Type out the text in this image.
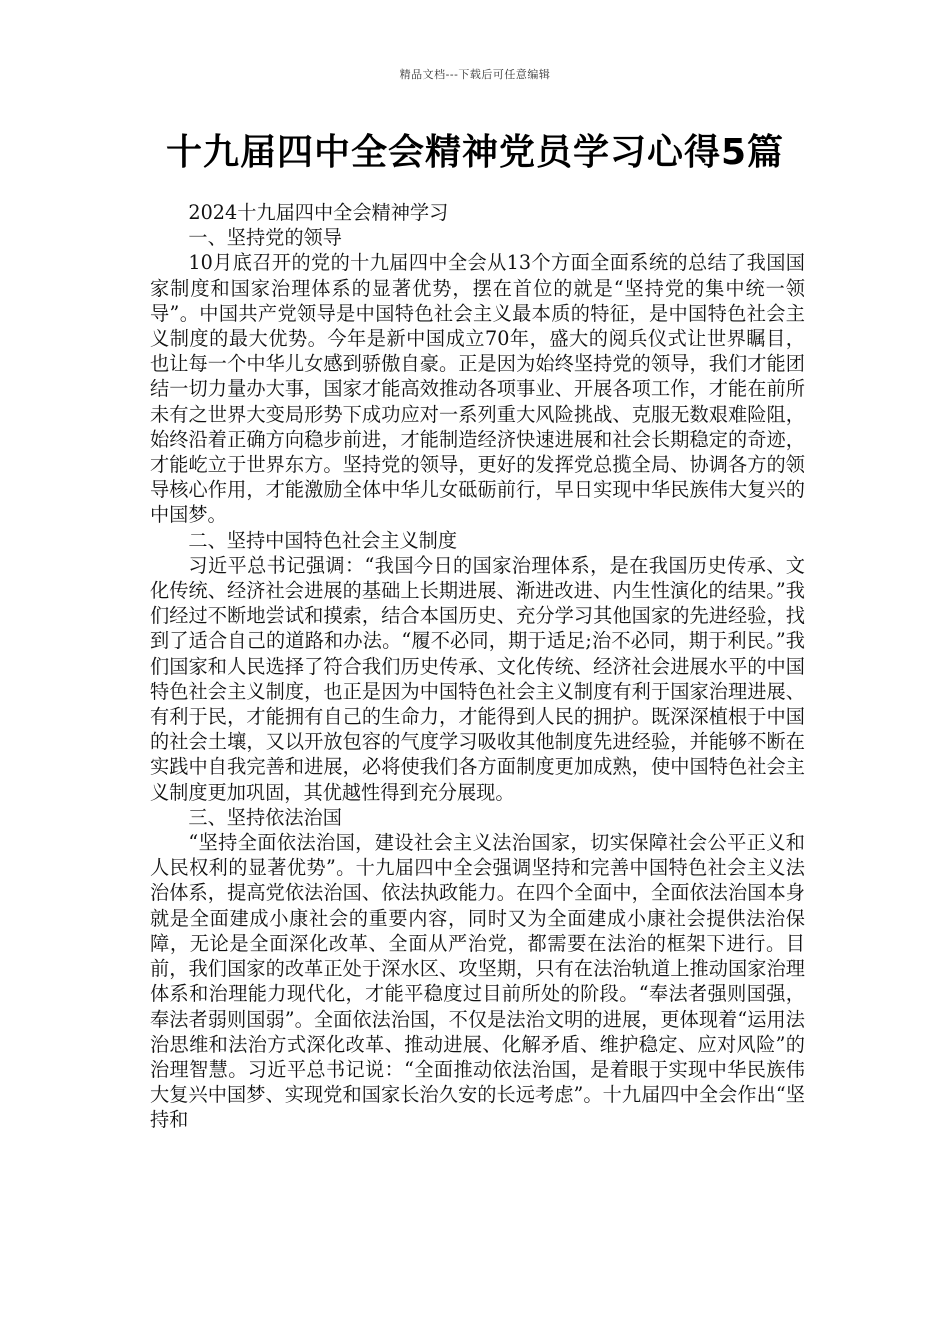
精品文档---下载后可任意编辑
十九届四中全会精神党员学习心得5篇

2024十九届四中全会精神学习

一、坚持党的领导

10月底召开的党的十九届四中全会从13个方面全面系统的总结了我国国家制度和国家治理体系的显著优势，摆在首位的就是“坚持党的集中统一领导”。中国共产党领导是中国特色社会主义最本质的特征，是中国特色社会主义制度的最大优势。今年是新中国成立70年，盛大的阅兵仪式让世界瞩目，也让每一个中华儿女感到骄傲自豪。正是因为始终坚持党的领导，我们才能团结一切力量办大事，国家才能高效推动各项事业、开展各项工作，才能在前所未有之世界大变局形势下成功应对一系列重大风险挑战、克服无数艰难险阻，始终沿着正确方向稳步前进，才能制造经济快速进展和社会长期稳定的奇迹，才能屹立于世界东方。坚持党的领导，更好的发挥党总揽全局、协调各方的领导核心作用，才能激励全体中华儿女砥砺前行，早日实现中华民族伟大复兴的中国梦。

二、坚持中国特色社会主义制度

习近平总书记强调：“我国今日的国家治理体系，是在我国历史传承、文化传统、经济社会进展的基础上长期进展、渐进改进、内生性演化的结果。”我们经过不断地尝试和摸索，结合本国历史、充分学习其他国家的先进经验，找到了适合自己的道路和办法。“履不必同，期于适足;治不必同，期于利民。”我们国家和人民选择了符合我们历史传承、文化传统、经济社会进展水平的中国特色社会主义制度，也正是因为中国特色社会主义制度有利于国家治理进展、有利于民，才能拥有自己的生命力，才能得到人民的拥护。既深深植根于中国的社会土壤，又以开放包容的气度学习吸收其他制度先进经验，并能够不断在实践中自我完善和进展，必将使我们各方面制度更加成熟，使中国特色社会主义制度更加巩固，其优越性得到充分展现。

三、坚持依法治国

“坚持全面依法治国，建设社会主义法治国家，切实保障社会公平正义和人民权利的显著优势”。十九届四中全会强调坚持和完善中国特色社会主义法治体系，提高党依法治国、依法执政能力。在四个全面中，全面依法治国本身就是全面建成小康社会的重要内容，同时又为全面建成小康社会提供法治保障，无论是全面深化改革、全面从严治党，都需要在法治的框架下进行。目前，我们国家的改革正处于深水区、攻坚期，只有在法治轨道上推动国家治理体系和治理能力现代化，才能平稳度过目前所处的阶段。“奉法者强则国强，奉法者弱则国弱”。全面依法治国，不仅是法治文明的进展，更体现着“运用法治思维和法治方式深化改革、推动进展、化解矛盾、维护稳定、应对风险”的治理智慧。习近平总书记说：“全面推动依法治国，是着眼于实现中华民族伟大复兴中国梦、实现党和国家长治久安的长远考虑”。十九届四中全会作出“坚持和
